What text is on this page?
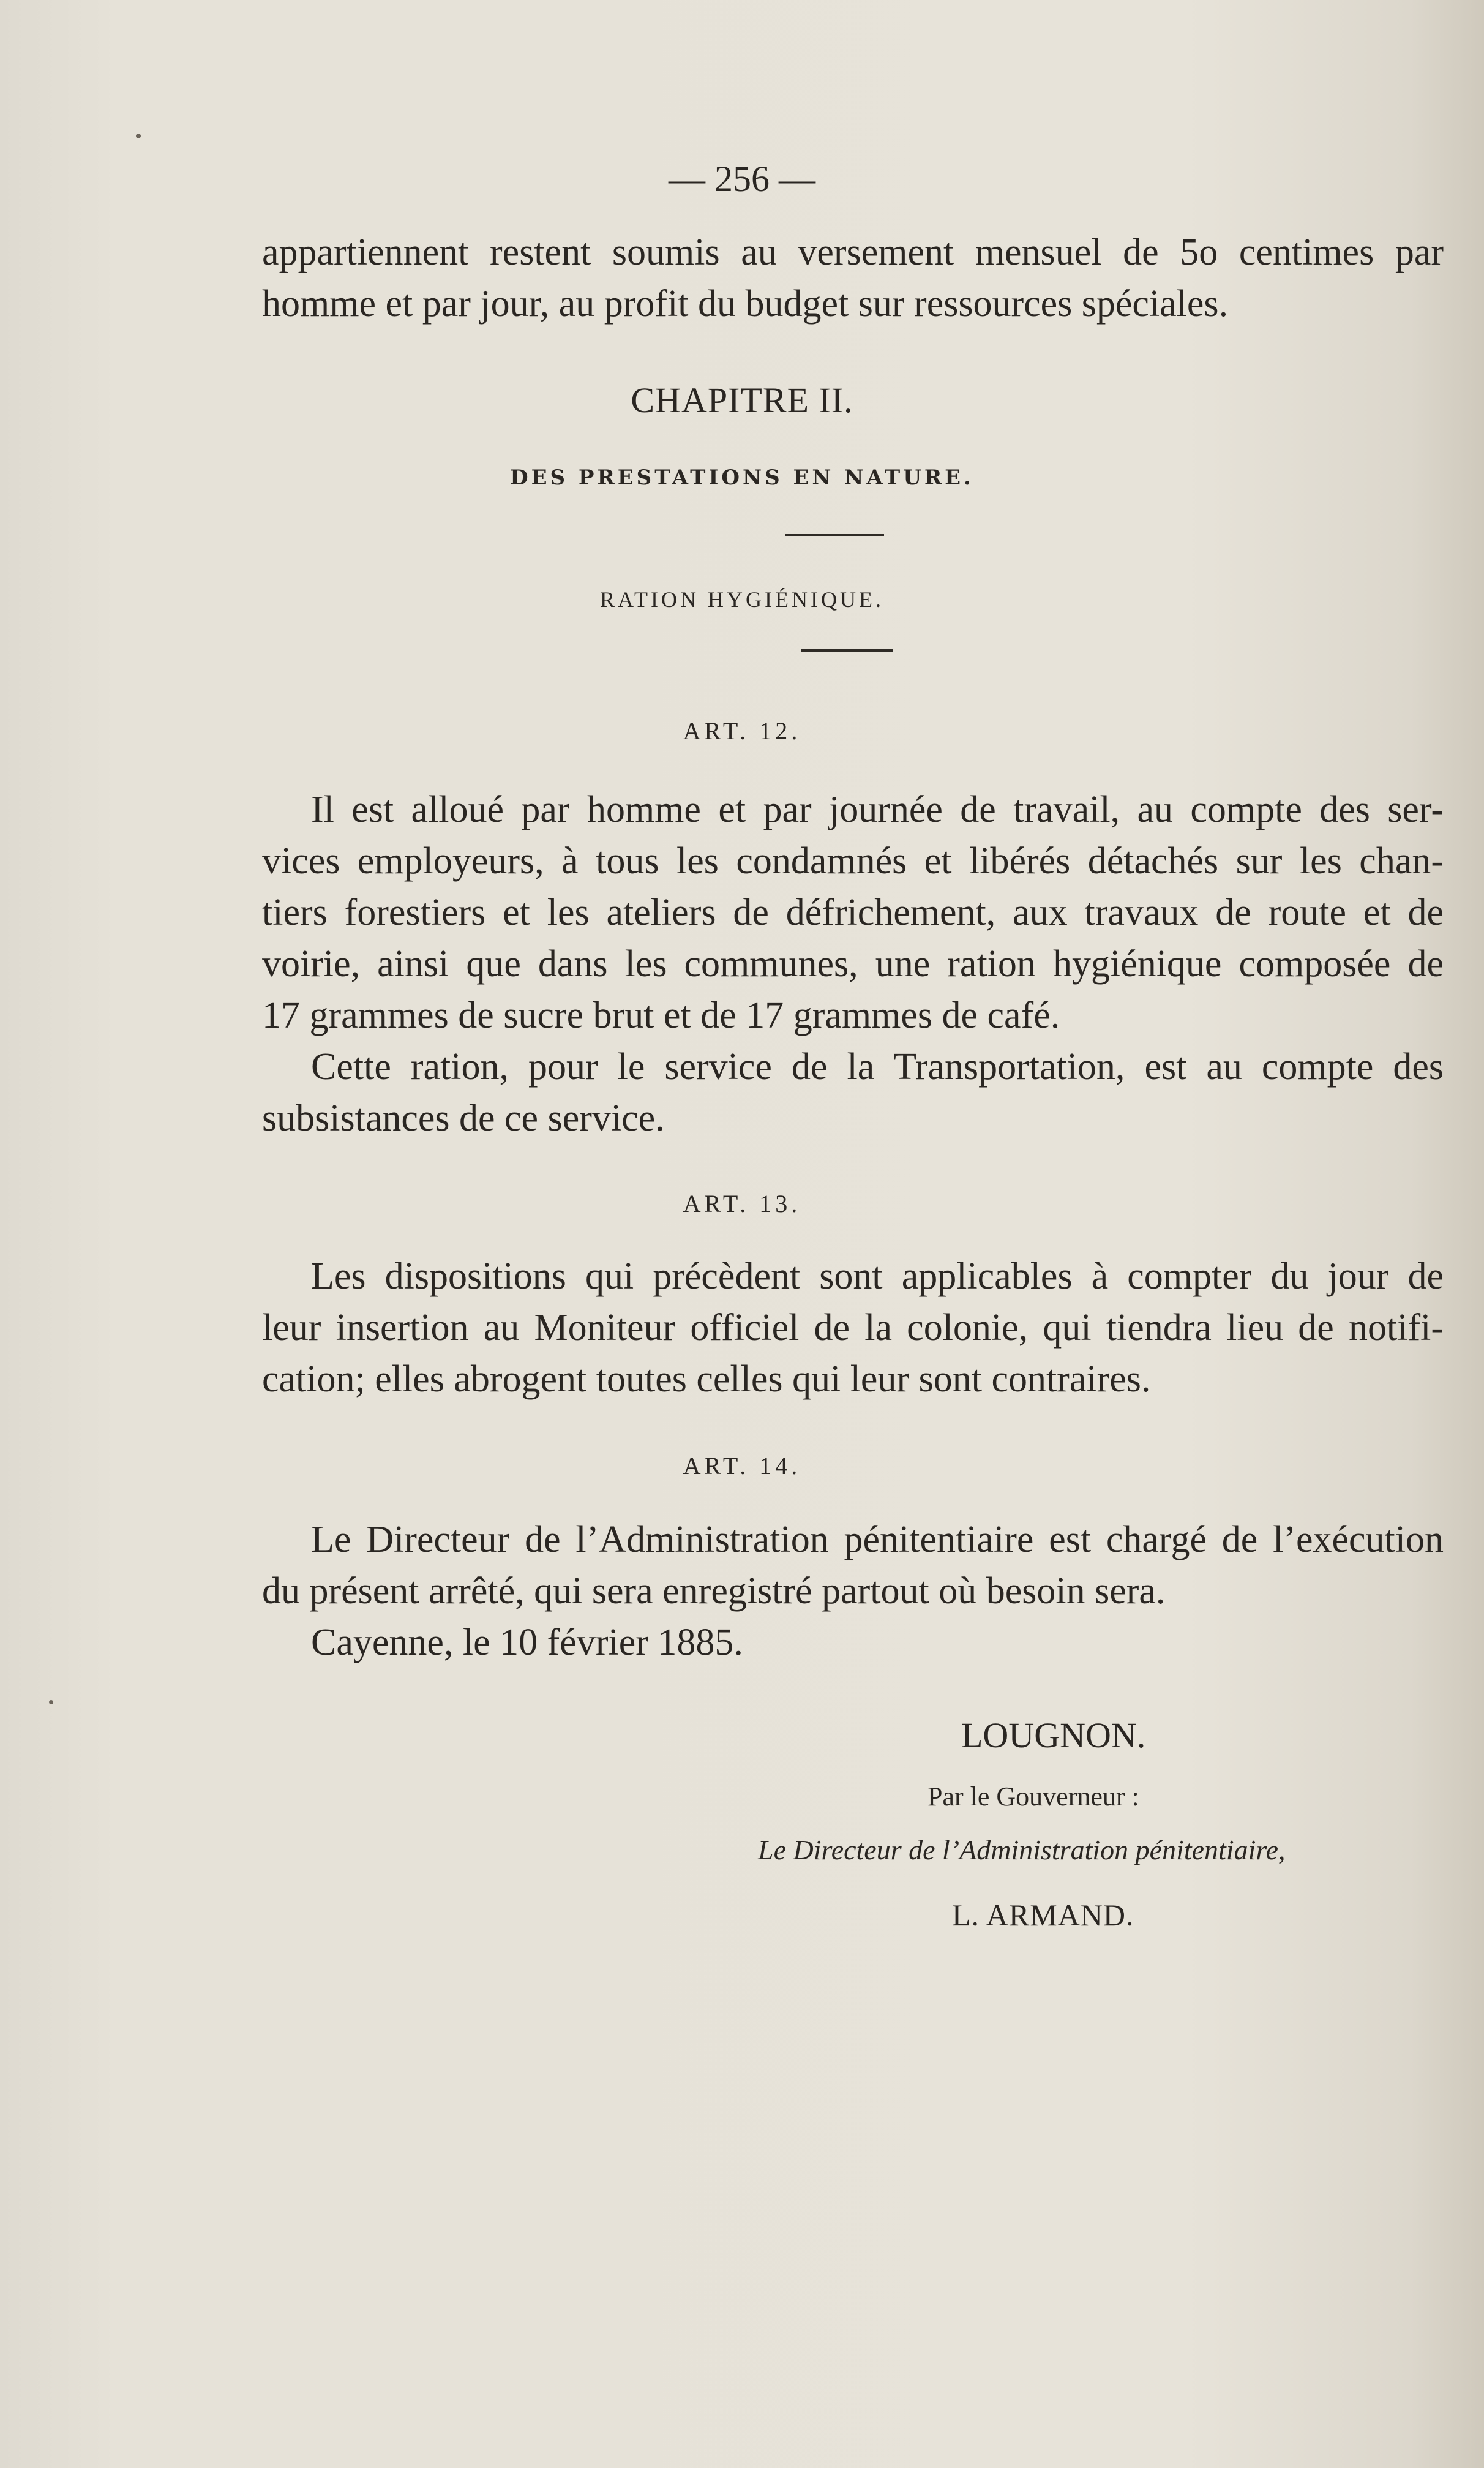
— 256 —

appartiennent restent soumis au versement mensuel de 5o centimes par

homme et par jour, au profit du budget sur ressources spéciales.

CHAPITRE II.

DES PRESTATIONS EN NATURE.

RATION HYGIÉNIQUE.

ART. 12.

Il est alloué par homme et par journée de travail, au compte des ser-

vices employeurs, à tous les condamnés et libérés détachés sur les chan-

tiers forestiers et les ateliers de défrichement, aux travaux de route et de

voirie, ainsi que dans les communes, une ration hygiénique composée de

17 grammes de sucre brut et de 17 grammes de café.

Cette ration, pour le service de la Transportation, est au compte des

subsistances de ce service.

ART. 13.

Les dispositions qui précèdent sont applicables à compter du jour de

leur insertion au Moniteur officiel de la colonie, qui tiendra lieu de notifi-

cation; elles abrogent toutes celles qui leur sont contraires.

ART. 14.

Le Directeur de l’Administration pénitentiaire est chargé de l’exécution

du présent arrêté, qui sera enregistré partout où besoin sera.

Cayenne, le 10 février 1885.

LOUGNON.

Par le Gouverneur :

Le Directeur de l’Administration pénitentiaire,

L. ARMAND.
